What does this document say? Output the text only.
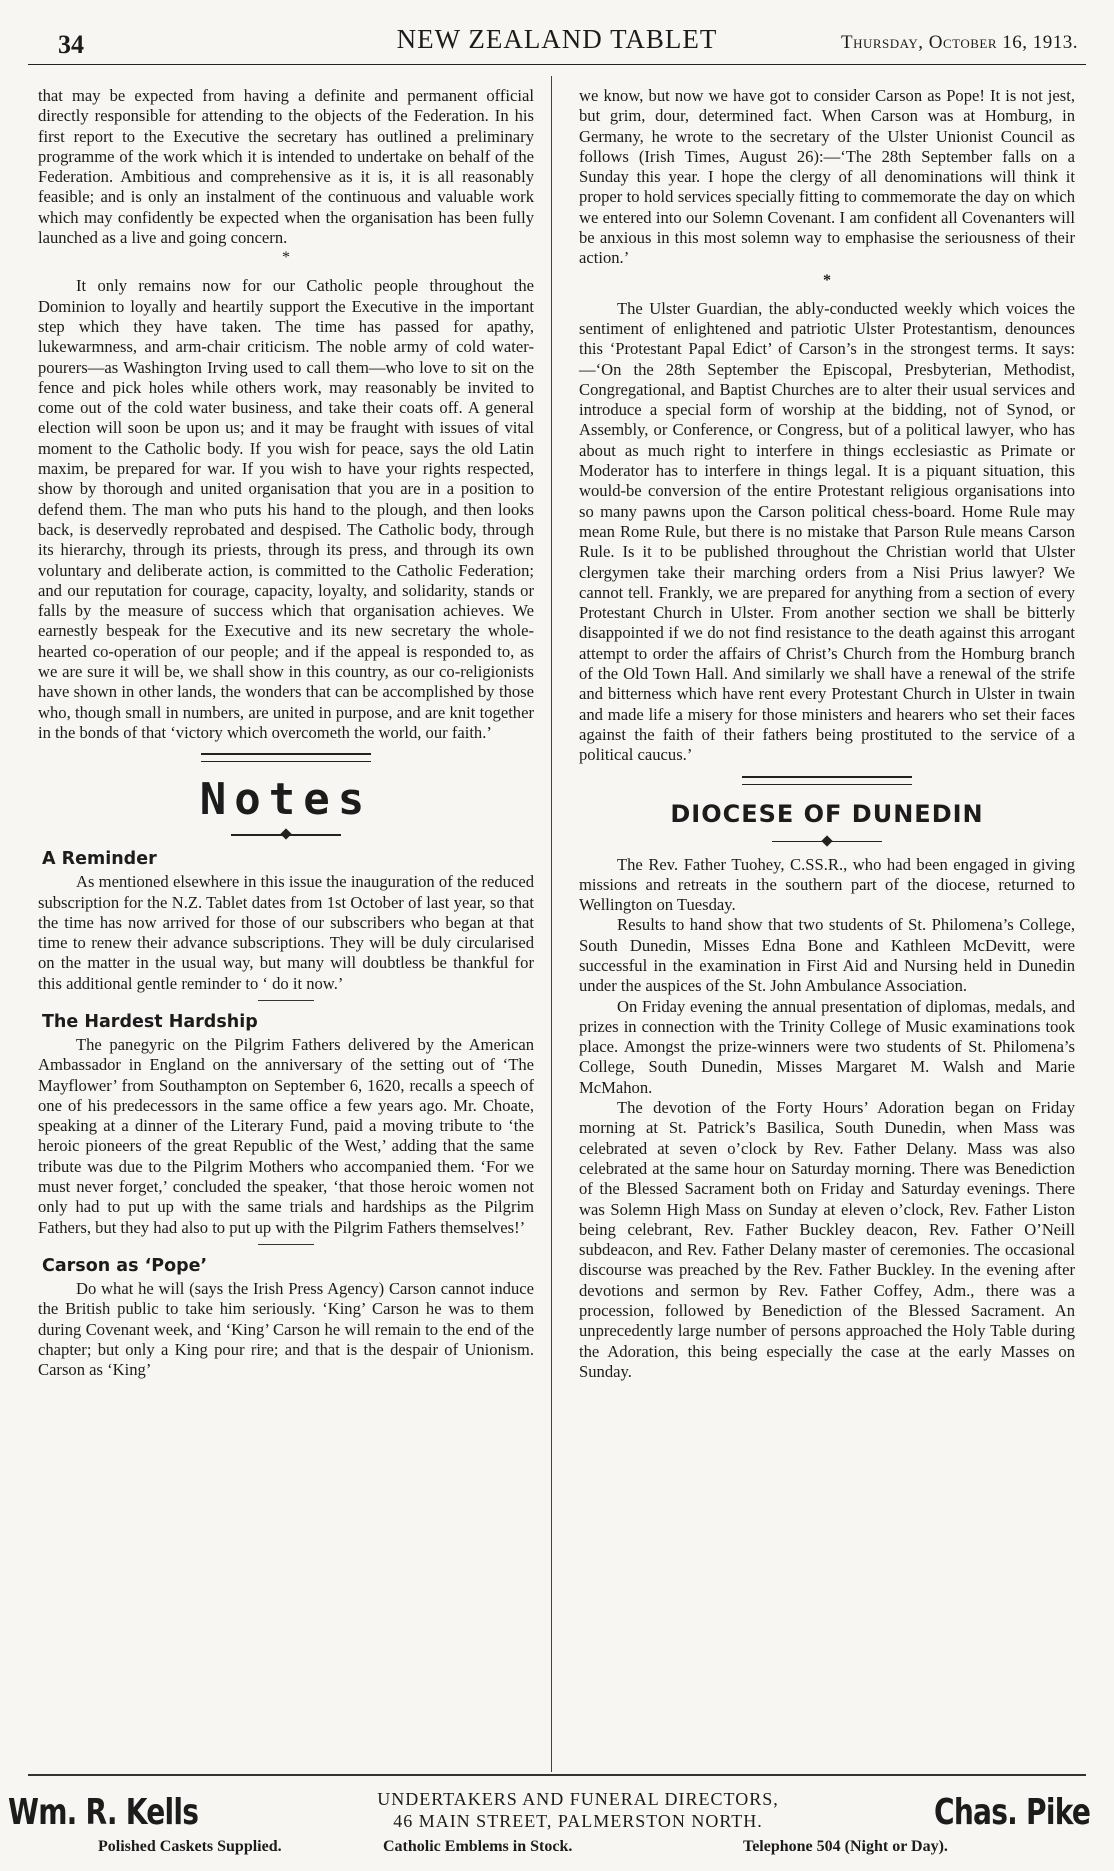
34	NEW ZEALAND TABLET	Thursday, October 16, 1913.

that may be expected from having a definite and permanent official directly responsible for attending to the objects of the Federation. In his first report to the Executive the secretary has outlined a preliminary programme of the work which it is intended to undertake on behalf of the Federation. Ambitious and comprehensive as it is, it is all reasonably feasible; and is only an instalment of the continuous and valuable work which may confidently be expected when the organisation has been fully launched as a live and going concern.

*

It only remains now for our Catholic people throughout the Dominion to loyally and heartily support the Executive in the important step which they have taken. The time has passed for apathy, lukewarmness, and arm-chair criticism. The noble army of cold water-pourers—as Washington Irving used to call them—who love to sit on the fence and pick holes while others work, may reasonably be invited to come out of the cold water business, and take their coats off. A general election will soon be upon us; and it may be fraught with issues of vital moment to the Catholic body. If you wish for peace, says the old Latin maxim, be prepared for war. If you wish to have your rights respected, show by thorough and united organisation that you are in a position to defend them. The man who puts his hand to the plough, and then looks back, is deservedly reprobated and despised. The Catholic body, through its hierarchy, through its priests, through its press, and through its own voluntary and deliberate action, is committed to the Catholic Federation; and our reputation for courage, capacity, loyalty, and solidarity, stands or falls by the measure of success which that organisation achieves. We earnestly bespeak for the Executive and its new secretary the whole-hearted co-operation of our people; and if the appeal is responded to, as we are sure it will be, we shall show in this country, as our co-religionists have shown in other lands, the wonders that can be accomplished by those who, though small in numbers, are united in purpose, and are knit together in the bonds of that ‘victory which overcometh the world, our faith.’

Notes
A Reminder

As mentioned elsewhere in this issue the inauguration of the reduced subscription for the N.Z. Tablet dates from 1st October of last year, so that the time has now arrived for those of our subscribers who began at that time to renew their advance subscriptions. They will be duly circularised on the matter in the usual way, but many will doubtless be thankful for this additional gentle reminder to ‘ do it now.’

The Hardest Hardship

The panegyric on the Pilgrim Fathers delivered by the American Ambassador in England on the anniversary of the setting out of ‘The Mayflower’ from Southampton on September 6, 1620, recalls a speech of one of his predecessors in the same office a few years ago. Mr. Choate, speaking at a dinner of the Literary Fund, paid a moving tribute to ‘the heroic pioneers of the great Republic of the West,’ adding that the same tribute was due to the Pilgrim Mothers who accompanied them. ‘For we must never forget,’ concluded the speaker, ‘that those heroic women not only had to put up with the same trials and hardships as the Pilgrim Fathers, but they had also to put up with the Pilgrim Fathers themselves!’

Carson as ‘Pope’

Do what he will (says the Irish Press Agency) Carson cannot induce the British public to take him seriously. ‘King’ Carson he was to them during Covenant week, and ‘King’ Carson he will remain to the end of the chapter; but only a King pour rire; and that is the despair of Unionism. Carson as ‘King’

we know, but now we have got to consider Carson as Pope! It is not jest, but grim, dour, determined fact. When Carson was at Homburg, in Germany, he wrote to the secretary of the Ulster Unionist Council as follows (Irish Times, August 26):—‘The 28th September falls on a Sunday this year. I hope the clergy of all denominations will think it proper to hold services specially fitting to commemorate the day on which we entered into our Solemn Covenant. I am confident all Covenanters will be anxious in this most solemn way to emphasise the seriousness of their action.’

*

The Ulster Guardian, the ably-conducted weekly which voices the sentiment of enlightened and patriotic Ulster Protestantism, denounces this ‘Protestant Papal Edict’ of Carson’s in the strongest terms. It says:—‘On the 28th September the Episcopal, Presbyterian, Methodist, Congregational, and Baptist Churches are to alter their usual services and introduce a special form of worship at the bidding, not of Synod, or Assembly, or Conference, or Congress, but of a political lawyer, who has about as much right to interfere in things ecclesiastic as Primate or Moderator has to interfere in things legal. It is a piquant situation, this would-be conversion of the entire Protestant religious organisations into so many pawns upon the Carson political chess-board. Home Rule may mean Rome Rule, but there is no mistake that Parson Rule means Carson Rule. Is it to be published throughout the Christian world that Ulster clergymen take their marching orders from a Nisi Prius lawyer? We cannot tell. Frankly, we are prepared for anything from a section of every Protestant Church in Ulster. From another section we shall be bitterly disappointed if we do not find resistance to the death against this arrogant attempt to order the affairs of Christ’s Church from the Homburg branch of the Old Town Hall. And similarly we shall have a renewal of the strife and bitterness which have rent every Protestant Church in Ulster in twain and made life a misery for those ministers and hearers who set their faces against the faith of their fathers being prostituted to the service of a political caucus.’

DIOCESE OF DUNEDIN

The Rev. Father Tuohey, C.SS.R., who had been engaged in giving missions and retreats in the southern part of the diocese, returned to Wellington on Tuesday.

Results to hand show that two students of St. Philomena’s College, South Dunedin, Misses Edna Bone and Kathleen McDevitt, were successful in the examination in First Aid and Nursing held in Dunedin under the auspices of the St. John Ambulance Association.

On Friday evening the annual presentation of diplomas, medals, and prizes in connection with the Trinity College of Music examinations took place. Amongst the prize-winners were two students of St. Philomena’s College, South Dunedin, Misses Margaret M. Walsh and Marie McMahon.

The devotion of the Forty Hours’ Adoration began on Friday morning at St. Patrick’s Basilica, South Dunedin, when Mass was celebrated at seven o’clock by Rev. Father Delany. Mass was also celebrated at the same hour on Saturday morning. There was Benediction of the Blessed Sacrament both on Friday and Saturday evenings. There was Solemn High Mass on Sunday at eleven o’clock, Rev. Father Liston being celebrant, Rev. Father Buckley deacon, Rev. Father O’Neill subdeacon, and Rev. Father Delany master of ceremonies. The occasional discourse was preached by the Rev. Father Buckley. In the evening after devotions and sermon by Rev. Father Coffey, Adm., there was a procession, followed by Benediction of the Blessed Sacrament. An unprecedently large number of persons approached the Holy Table during the Adoration, this being especially the case at the early Masses on Sunday.

Wm. R. Kells	UNDERTAKERS AND FUNERAL DIRECTORS,
46 MAIN STREET, PALMERSTON NORTH.	Chas. Pike
Polished Caskets Supplied.	Catholic Emblems in Stock.	Telephone 504 (Night or Day).
